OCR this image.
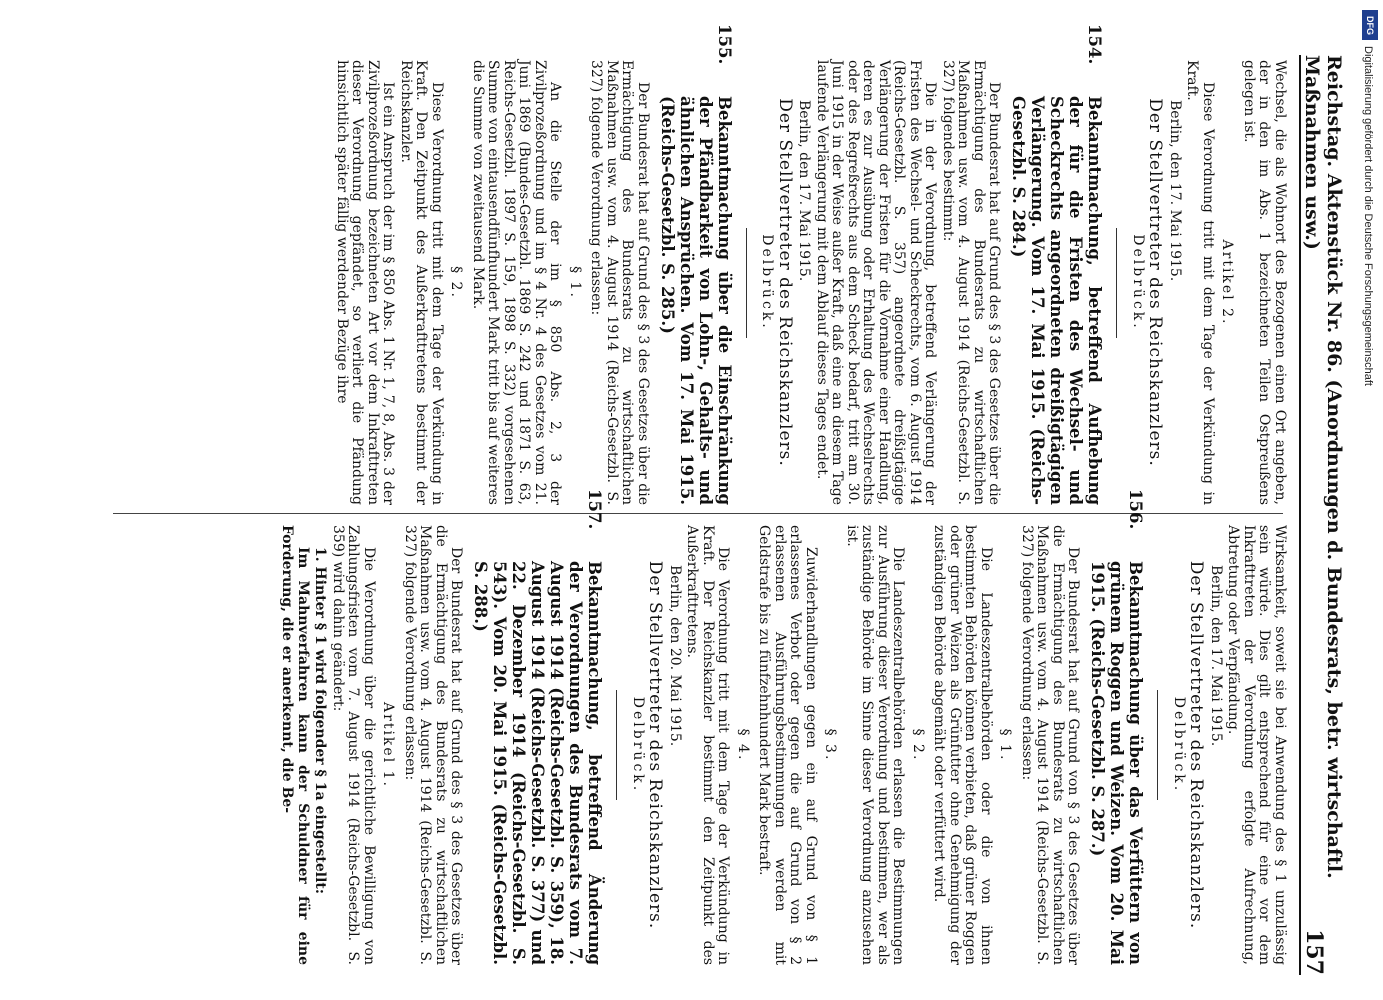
Reichstag. Aktenstück Nr. 86. (Anordnungen d. Bundesrats, betr. wirtschaftl. Maßnahmen usw.)
157

Wechsel, die als Wohnort des Bezogenen einen Ort angeben, der in den im Abs. 1 bezeichneten Teilen Ostpreußens gelegen ist.

Artikel 2.

Diese Verordnung tritt mit dem Tage der Verkündung in Kraft.

Berlin, den 17. Mai 1915.

Der Stellvertreter des Reichskanzlers.

Delbrück.

154.Bekanntmachung, betreffend Aufhebung der für die Fristen des Wechsel- und Scheckrechts angeordneten dreißigtägigen Verlängerung. Vom 17. Mai 1915. (Reichs-Gesetzbl. S. 284.)

Der Bundesrat hat auf Grund des § 3 des Gesetzes über die Ermächtigung des Bundesrats zu wirtschaftlichen Maßnahmen usw. vom 4. August 1914 (Reichs-Gesetzbl. S. 327) folgendes bestimmt:

Die in der Verordnung, betreffend Verlängerung der Fristen des Wechsel- und Scheckrechts, vom 6. August 1914 (Reichs-Gesetzbl. S. 357) angeordnete dreißigtägige Verlängerung der Fristen für die Vornahme einer Handlung, deren es zur Ausübung oder Erhaltung des Wechselrechts oder des Regreßrechts aus dem Scheck bedarf, tritt am 30. Juni 1915 in der Weise außer Kraft, daß eine an diesem Tage laufende Verlängerung mit dem Ablauf dieses Tages endet.

Berlin, den 17. Mai 1915.

Der Stellvertreter des Reichskanzlers.

Delbrück.

155.Bekanntmachung über die Einschränkung der Pfändbarkeit von Lohn-, Gehalts- und ähnlichen Ansprüchen. Vom 17. Mai 1915. (Reichs-Gesetzbl. S. 285.)

Der Bundesrat hat auf Grund des § 3 des Gesetzes über die Ermächtigung des Bundesrats zu wirtschaftlichen Maßnahmen usw. vom 4. August 1914 (Reichs-Gesetzbl. S. 327) folgende Verordnung erlassen:

§ 1.

An die Stelle der im § 850 Abs. 2, 3 der Zivilprozeßordnung und im § 4 Nr. 4 des Gesetzes vom 21. Juni 1869 (Bundes-Gesetzbl. 1869 S. 242 und 1871 S. 63, Reichs-Gesetzbl. 1897 S. 159, 1898 S. 332) vorgesehenen Summe von eintausendfünfhundert Mark tritt bis auf weiteres die Summe von zweitausend Mark.

§ 2.

Diese Verordnung tritt mit dem Tage der Verkündung in Kraft. Den Zeitpunkt des Außerkrafttretens bestimmt der Reichskanzler.

Ist ein Anspruch der im § 850 Abs. 1 Nr. 1, 7, 8, Abs. 3 der Zivilprozeßordnung bezeichneten Art vor dem Inkrafttreten dieser Verordnung gepfändet, so verliert die Pfändung hinsichtlich später fällig werdender Bezüge ihre

Wirksamkeit, soweit sie bei Anwendung des § 1 unzulässig sein würde. Dies gilt entsprechend für eine vor dem Inkrafttreten der Verordnung erfolgte Aufrechnung, Abtretung oder Verpfändung.

Berlin, den 17. Mai 1915.

Der Stellvertreter des Reichskanzlers.

Delbrück.

156.Bekanntmachung über das Verfüttern von grünem Roggen und Weizen. Vom 20. Mai 1915. (Reichs-Gesetzbl. S. 287.)

Der Bundesrat hat auf Grund von § 3 des Gesetzes über die Ermächtigung des Bundesrats zu wirtschaftlichen Maßnahmen usw. vom 4. August 1914 (Reichs-Gesetzbl. S. 327) folgende Verordnung erlassen:

§ 1.

Die Landeszentralbehörden oder die von ihnen bestimmten Behörden können verbieten, daß grüner Roggen oder grüner Weizen als Grünfutter ohne Genehmigung der zuständigen Behörde abgemäht oder verfüttert wird.

§ 2.

Die Landeszentralbehörden erlassen die Bestimmungen zur Ausführung dieser Verordnung und bestimmen, wer als zuständige Behörde im Sinne dieser Verordnung anzusehen ist.

§ 3.

Zuwiderhandlungen gegen ein auf Grund von § 1 erlassenes Verbot oder gegen die auf Grund von § 2 erlassenen Ausführungsbestimmungen werden mit Geldstrafe bis zu fünfzehnhundert Mark bestraft.

§ 4.

Die Verordnung tritt mit dem Tage der Verkündung in Kraft. Der Reichskanzler bestimmt den Zeitpunkt des Außerkrafttretens.

Berlin, den 20. Mai 1915.

Der Stellvertreter des Reichskanzlers.

Delbrück.

157.Bekanntmachung, betreffend Änderung der Verordnungen des Bundesrats vom 7. August 1914 (Reichs-Gesetzbl. S. 359), 18. August 1914 (Reichs-Gesetzbl. S. 377) und 22. Dezember 1914 (Reichs-Gesetzbl. S. 543). Vom 20. Mai 1915. (Reichs-Gesetzbl. S. 288.)

Der Bundesrat hat auf Grund des § 3 des Gesetzes über die Ermächtigung des Bundesrats zu wirtschaftlichen Maßnahmen usw. vom 4. August 1914 (Reichs-Gesetzbl. S. 327) folgende Verordnung erlassen:

Artikel 1.

Die Verordnung über die gerichtliche Bewilligung von Zahlungsfristen vom 7. August 1914 (Reichs-Gesetzbl. S. 359) wird dahin geändert:

1. Hinter § 1 wird folgender § 1a eingestellt:

Im Mahnverfahren kann der Schuldner für eine Forderung, die er anerkennt, die Be-

DFG
Digitalisierung gefördert durch die Deutsche Forschungsgemeinschaft
